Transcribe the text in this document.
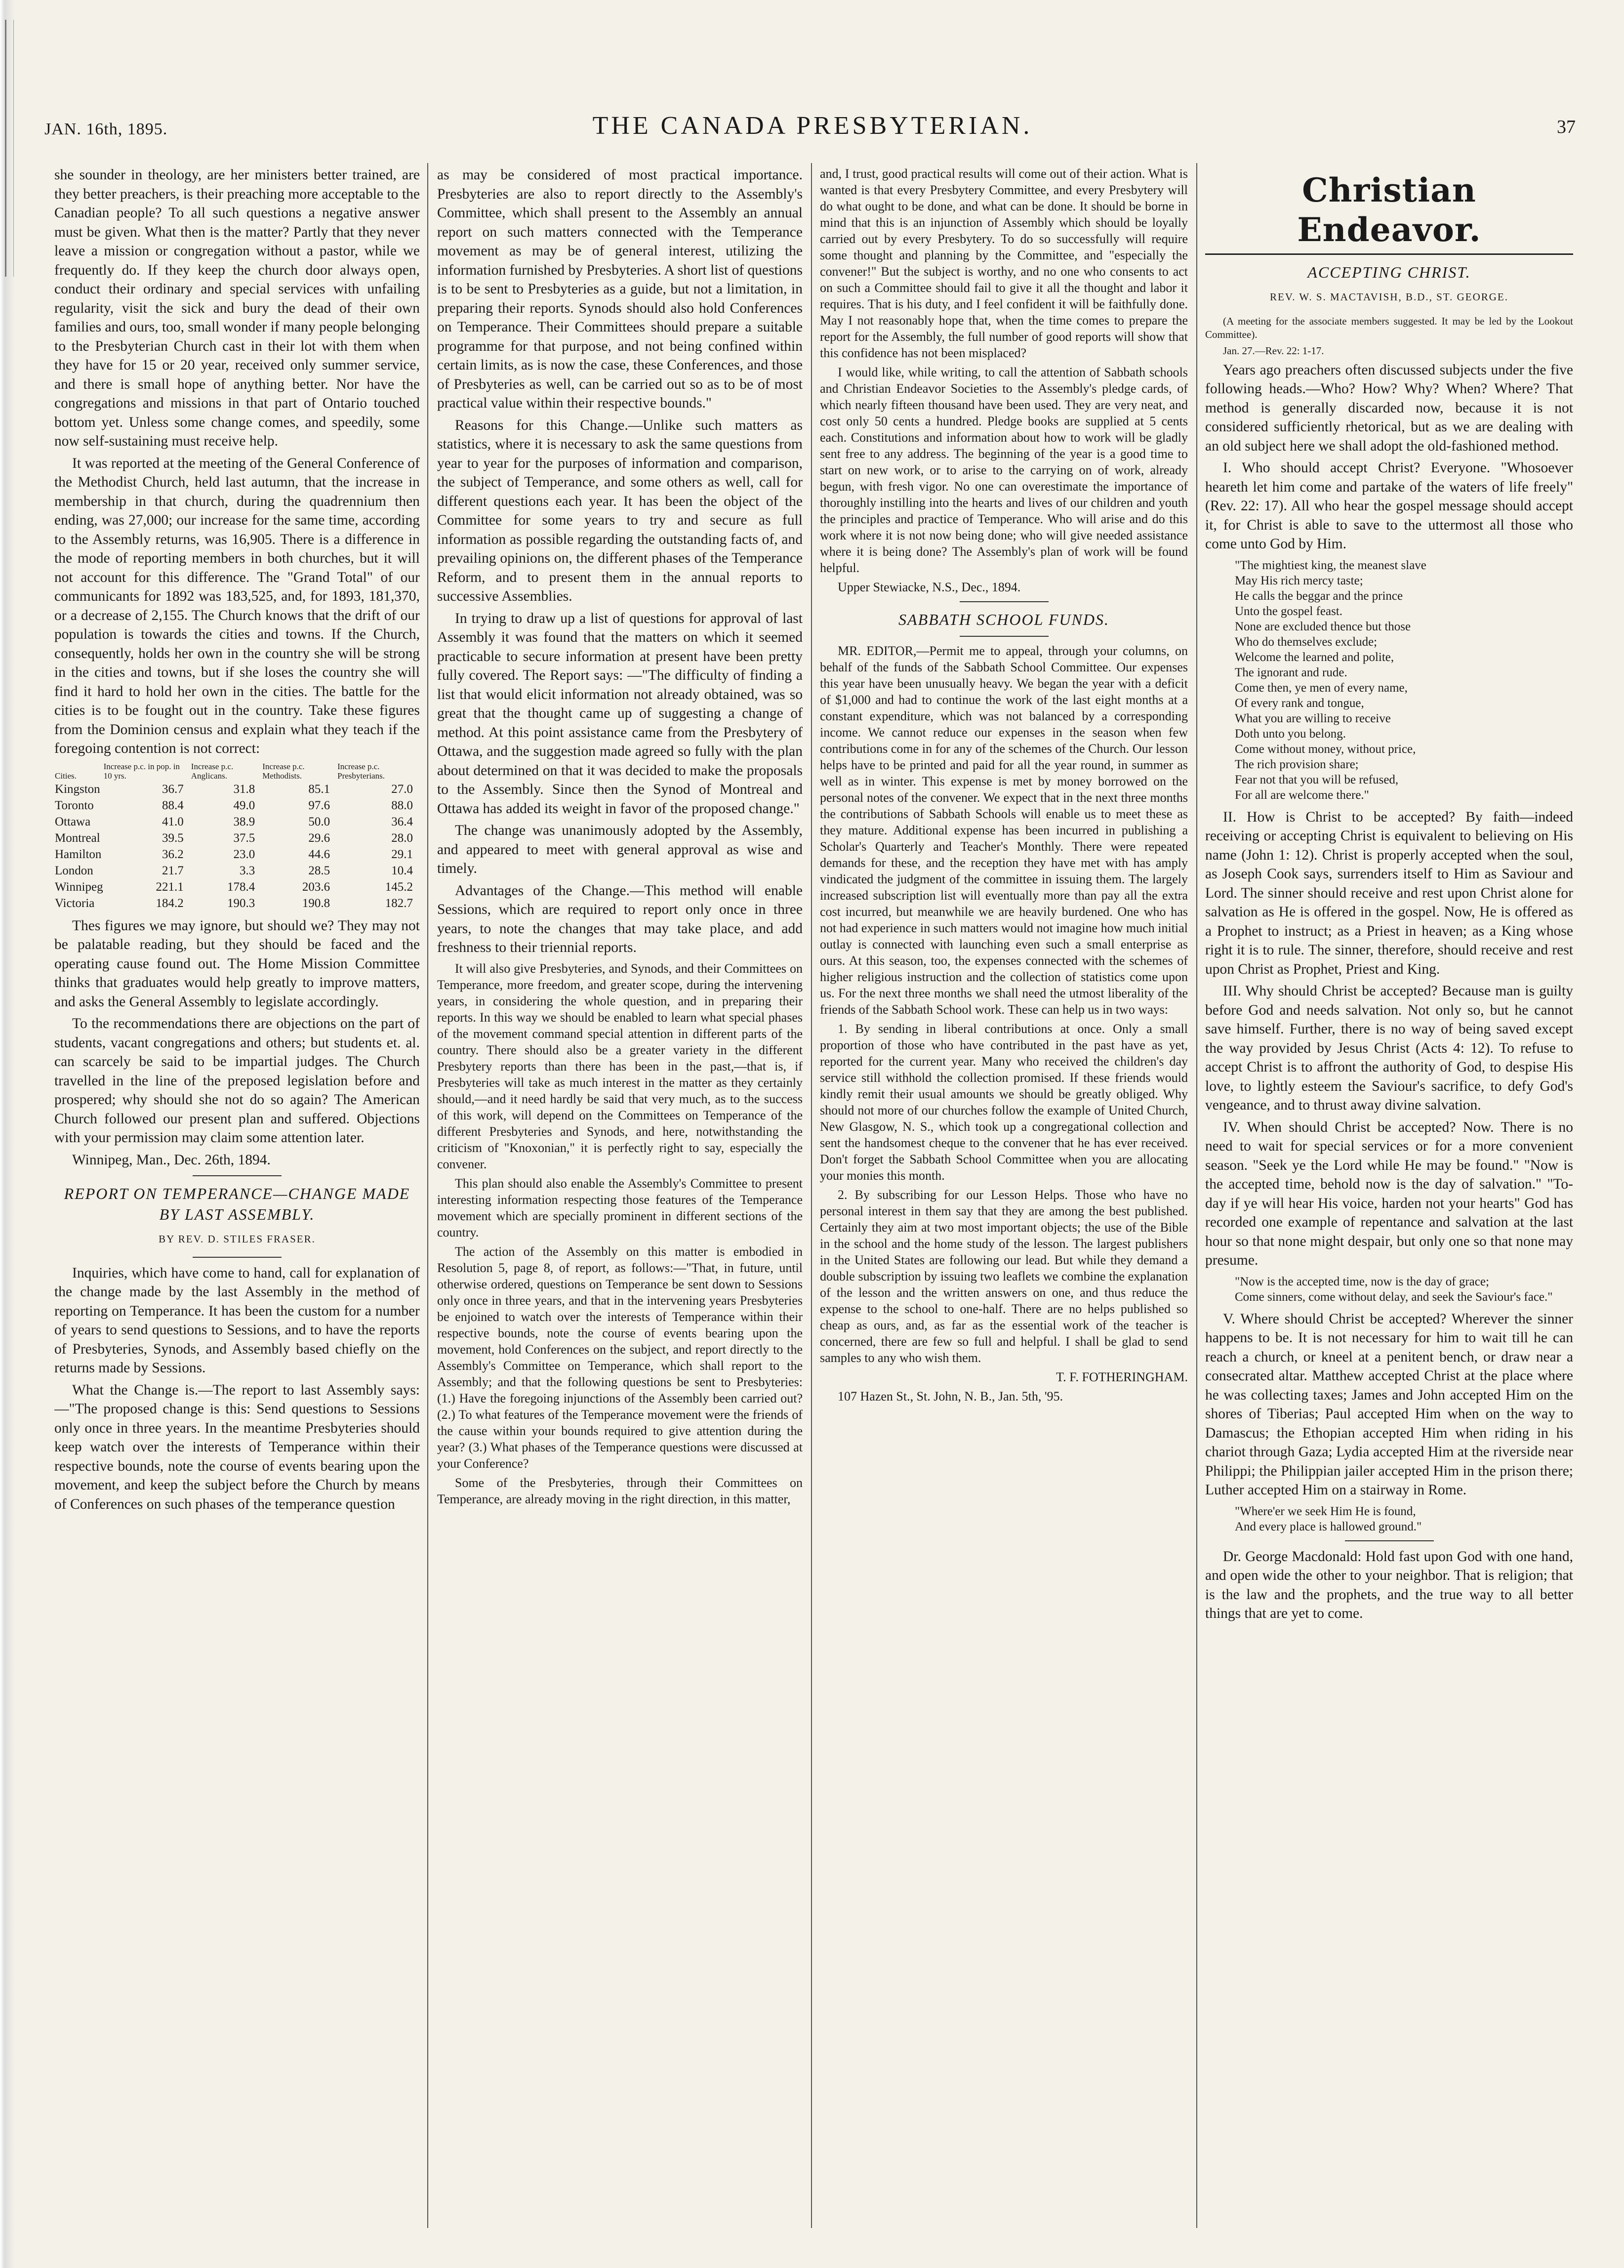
JAN. 16th, 1895.	THE CANADA PRESBYTERIAN.	37

she sounder in theology, are her ministers better trained, are they better preachers, is their preaching more acceptable to the Canadian people? To all such questions a negative answer must be given. What then is the matter? Partly that they never leave a mission or congregation without a pastor, while we frequently do. If they keep the church door always open, conduct their ordinary and special services with unfailing regularity, visit the sick and bury the dead of their own families and ours, too, small wonder if many people belonging to the Presbyterian Church cast in their lot with them when they have for 15 or 20 year, received only summer service, and there is small hope of anything better. Nor have the congregations and missions in that part of Ontario touched bottom yet. Unless some change comes, and speedily, some now self-sustaining must receive help.

It was reported at the meeting of the General Conference of the Methodist Church, held last autumn, that the increase in membership in that church, during the quadrennium then ending, was 27,000; our increase for the same time, according to the Assembly returns, was 16,905. There is a difference in the mode of reporting members in both churches, but it will not account for this difference. The "Grand Total" of our communicants for 1892 was 183,525, and, for 1893, 181,370, or a decrease of 2,155. The Church knows that the drift of our population is towards the cities and towns. If the Church, consequently, holds her own in the country she will be strong in the cities and towns, but if she loses the country she will find it hard to hold her own in the cities. The battle for the cities is to be fought out in the country. Take these figures from the Dominion census and explain what they teach if the foregoing contention is not correct:

Cities.	Increase p.c. in pop. in 10 yrs.	Increase p.c. Anglicans.	Increase p.c. Methodists.	Increase p.c. Presbyterians.
Kingston	36.7	31.8	85.1	27.0
Toronto	88.4	49.0	97.6	88.0
Ottawa	41.0	38.9	50.0	36.4
Montreal	39.5	37.5	29.6	28.0
Hamilton	36.2	23.0	44.6	29.1
London	21.7	3.3	28.5	10.4
Winnipeg	221.1	178.4	203.6	145.2
Victoria	184.2	190.3	190.8	182.7

Thes figures we may ignore, but should we? They may not be palatable reading, but they should be faced and the operating cause found out. The Home Mission Committee thinks that graduates would help greatly to improve matters, and asks the General Assembly to legislate accordingly.

To the recommendations there are objections on the part of students, vacant congregations and others; but students et. al. can scarcely be said to be impartial judges. The Church travelled in the line of the preposed legislation before and prospered; why should she not do so again? The American Church followed our present plan and suffered. Objections with your permission may claim some attention later.

Winnipeg, Man., Dec. 26th, 1894.

REPORT ON TEMPERANCE—CHANGE MADE BY LAST ASSEMBLY.
BY REV. D. STILES FRASER.

Inquiries, which have come to hand, call for explanation of the change made by the last Assembly in the method of reporting on Temperance. It has been the custom for a number of years to send questions to Sessions, and to have the reports of Presbyteries, Synods, and Assembly based chiefly on the returns made by Sessions.

What the Change is.—The report to last Assembly says:—"The proposed change is this: Send questions to Sessions only once in three years. In the meantime Presbyteries should keep watch over the interests of Temperance within their respective bounds, note the course of events bearing upon the movement, and keep the subject before the Church by means of Conferences on such phases of the temperance question

as may be considered of most practical importance. Presbyteries are also to report directly to the Assembly's Committee, which shall present to the Assembly an annual report on such matters connected with the Temperance movement as may be of general interest, utilizing the information furnished by Presbyteries. A short list of questions is to be sent to Presbyteries as a guide, but not a limitation, in preparing their reports. Synods should also hold Conferences on Temperance. Their Committees should prepare a suitable programme for that purpose, and not being confined within certain limits, as is now the case, these Conferences, and those of Presbyteries as well, can be carried out so as to be of most practical value within their respective bounds."

Reasons for this Change.—Unlike such matters as statistics, where it is necessary to ask the same questions from year to year for the purposes of information and comparison, the subject of Temperance, and some others as well, call for different questions each year. It has been the object of the Committee for some years to try and secure as full information as possible regarding the outstanding facts of, and prevailing opinions on, the different phases of the Temperance Reform, and to present them in the annual reports to successive Assemblies.

In trying to draw up a list of questions for approval of last Assembly it was found that the matters on which it seemed practicable to secure information at present have been pretty fully covered. The Report says: —"The difficulty of finding a list that would elicit information not already obtained, was so great that the thought came up of suggesting a change of method. At this point assistance came from the Presbytery of Ottawa, and the suggestion made agreed so fully with the plan about determined on that it was decided to make the proposals to the Assembly. Since then the Synod of Montreal and Ottawa has added its weight in favor of the proposed change."

The change was unanimously adopted by the Assembly, and appeared to meet with general approval as wise and timely.

Advantages of the Change.—This method will enable Sessions, which are required to report only once in three years, to note the changes that may take place, and add freshness to their triennial reports.

It will also give Presbyteries, and Synods, and their Committees on Temperance, more freedom, and greater scope, during the intervening years, in considering the whole question, and in preparing their reports. In this way we should be enabled to learn what special phases of the movement command special attention in different parts of the country. There should also be a greater variety in the different Presbytery reports than there has been in the past,—that is, if Presbyteries will take as much interest in the matter as they certainly should,—and it need hardly be said that very much, as to the success of this work, will depend on the Committees on Temperance of the different Presbyteries and Synods, and here, notwithstanding the criticism of "Knoxonian," it is perfectly right to say, especially the convener.

This plan should also enable the Assembly's Committee to present interesting information respecting those features of the Temperance movement which are specially prominent in different sections of the country.

The action of the Assembly on this matter is embodied in Resolution 5, page 8, of report, as follows:—"That, in future, until otherwise ordered, questions on Temperance be sent down to Sessions only once in three years, and that in the intervening years Presbyteries be enjoined to watch over the interests of Temperance within their respective bounds, note the course of events bearing upon the movement, hold Conferences on the subject, and report directly to the Assembly's Committee on Temperance, which shall report to the Assembly; and that the following questions be sent to Presbyteries: (1.) Have the foregoing injunctions of the Assembly been carried out? (2.) To what features of the Temperance movement were the friends of the cause within your bounds required to give attention during the year? (3.) What phases of the Temperance questions were discussed at your Conference?

Some of the Presbyteries, through their Committees on Temperance, are already moving in the right direction, in this matter,

and, I trust, good practical results will come out of their action. What is wanted is that every Presbytery Committee, and every Presbytery will do what ought to be done, and what can be done. It should be borne in mind that this is an injunction of Assembly which should be loyally carried out by every Presbytery. To do so successfully will require some thought and planning by the Committee, and "especially the convener!" But the subject is worthy, and no one who consents to act on such a Committee should fail to give it all the thought and labor it requires. That is his duty, and I feel confident it will be faithfully done. May I not reasonably hope that, when the time comes to prepare the report for the Assembly, the full number of good reports will show that this confidence has not been misplaced?

I would like, while writing, to call the attention of Sabbath schools and Christian Endeavor Societies to the Assembly's pledge cards, of which nearly fifteen thousand have been used. They are very neat, and cost only 50 cents a hundred. Pledge books are supplied at 5 cents each. Constitutions and information about how to work will be gladly sent free to any address. The beginning of the year is a good time to start on new work, or to arise to the carrying on of work, already begun, with fresh vigor. No one can overestimate the importance of thoroughly instilling into the hearts and lives of our children and youth the principles and practice of Temperance. Who will arise and do this work where it is not now being done; who will give needed assistance where it is being done? The Assembly's plan of work will be found helpful.

Upper Stewiacke, N.S., Dec., 1894.

SABBATH SCHOOL FUNDS.

MR. EDITOR,—Permit me to appeal, through your columns, on behalf of the funds of the Sabbath School Committee. Our expenses this year have been unusually heavy. We began the year with a deficit of $1,000 and had to continue the work of the last eight months at a constant expenditure, which was not balanced by a corresponding income. We cannot reduce our expenses in the season when few contributions come in for any of the schemes of the Church. Our lesson helps have to be printed and paid for all the year round, in summer as well as in winter. This expense is met by money borrowed on the personal notes of the convener. We expect that in the next three months the contributions of Sabbath Schools will enable us to meet these as they mature. Additional expense has been incurred in publishing a Scholar's Quarterly and Teacher's Monthly. There were repeated demands for these, and the reception they have met with has amply vindicated the judgment of the committee in issuing them. The largely increased subscription list will eventually more than pay all the extra cost incurred, but meanwhile we are heavily burdened. One who has not had experience in such matters would not imagine how much initial outlay is connected with launching even such a small enterprise as ours. At this season, too, the expenses connected with the schemes of higher religious instruction and the collection of statistics come upon us. For the next three months we shall need the utmost liberality of the friends of the Sabbath School work. These can help us in two ways:

1. By sending in liberal contributions at once. Only a small proportion of those who have contributed in the past have as yet, reported for the current year. Many who received the children's day service still withhold the collection promised. If these friends would kindly remit their usual amounts we should be greatly obliged. Why should not more of our churches follow the example of United Church, New Glasgow, N. S., which took up a congregational collection and sent the handsomest cheque to the convener that he has ever received. Don't forget the Sabbath School Committee when you are allocating your monies this month.

2. By subscribing for our Lesson Helps. Those who have no personal interest in them say that they are among the best published. Certainly they aim at two most important objects; the use of the Bible in the school and the home study of the lesson. The largest publishers in the United States are following our lead. But while they demand a double subscription by issuing two leaflets we combine the explanation of the lesson and the written answers on one, and thus reduce the expense to the school to one-half. There are no helps published so cheap as ours, and, as far as the essential work of the teacher is concerned, there are few so full and helpful. I shall be glad to send samples to any who wish them.

T. F. FOTHERINGHAM.

107 Hazen St., St. John, N. B., Jan. 5th, '95.

Christian Endeavor.
ACCEPTING CHRIST.
REV. W. S. MACTAVISH, B.D., ST. GEORGE.

(A meeting for the associate members suggested. It may be led by the Lookout Committee).

Jan. 27.—Rev. 22: 1-17.

Years ago preachers often discussed subjects under the five following heads.—Who? How? Why? When? Where? That method is generally discarded now, because it is not considered sufficiently rhetorical, but as we are dealing with an old subject here we shall adopt the old-fashioned method.

I. Who should accept Christ? Everyone. "Whosoever heareth let him come and partake of the waters of life freely" (Rev. 22: 17). All who hear the gospel message should accept it, for Christ is able to save to the uttermost all those who come unto God by Him.

"The mightiest king, the meanest slave
May His rich mercy taste;
He calls the beggar and the prince
Unto the gospel feast.
None are excluded thence but those
Who do themselves exclude;
Welcome the learned and polite,
The ignorant and rude.
Come then, ye men of every name,
Of every rank and tongue,
What you are willing to receive
Doth unto you belong.
Come without money, without price,
The rich provision share;
Fear not that you will be refused,
For all are welcome there."

II. How is Christ to be accepted? By faith—indeed receiving or accepting Christ is equivalent to believing on His name (John 1: 12). Christ is properly accepted when the soul, as Joseph Cook says, surrenders itself to Him as Saviour and Lord. The sinner should receive and rest upon Christ alone for salvation as He is offered in the gospel. Now, He is offered as a Prophet to instruct; as a Priest in heaven; as a King whose right it is to rule. The sinner, therefore, should receive and rest upon Christ as Prophet, Priest and King.

III. Why should Christ be accepted? Because man is guilty before God and needs salvation. Not only so, but he cannot save himself. Further, there is no way of being saved except the way provided by Jesus Christ (Acts 4: 12). To refuse to accept Christ is to affront the authority of God, to despise His love, to lightly esteem the Saviour's sacrifice, to defy God's vengeance, and to thrust away divine salvation.

IV. When should Christ be accepted? Now. There is no need to wait for special services or for a more convenient season. "Seek ye the Lord while He may be found." "Now is the accepted time, behold now is the day of salvation." "To-day if ye will hear His voice, harden not your hearts" God has recorded one example of repentance and salvation at the last hour so that none might despair, but only one so that none may presume.

"Now is the accepted time, now is the day of grace;
Come sinners, come without delay, and seek the Saviour's face."

V. Where should Christ be accepted? Wherever the sinner happens to be. It is not necessary for him to wait till he can reach a church, or kneel at a penitent bench, or draw near a consecrated altar. Matthew accepted Christ at the place where he was collecting taxes; James and John accepted Him on the shores of Tiberias; Paul accepted Him when on the way to Damascus; the Ethopian accepted Him when riding in his chariot through Gaza; Lydia accepted Him at the riverside near Philippi; the Philippian jailer accepted Him in the prison there; Luther accepted Him on a stairway in Rome.

"Where'er we seek Him He is found,
And every place is hallowed ground."

Dr. George Macdonald: Hold fast upon God with one hand, and open wide the other to your neighbor. That is religion; that is the law and the prophets, and the true way to all better things that are yet to come.
